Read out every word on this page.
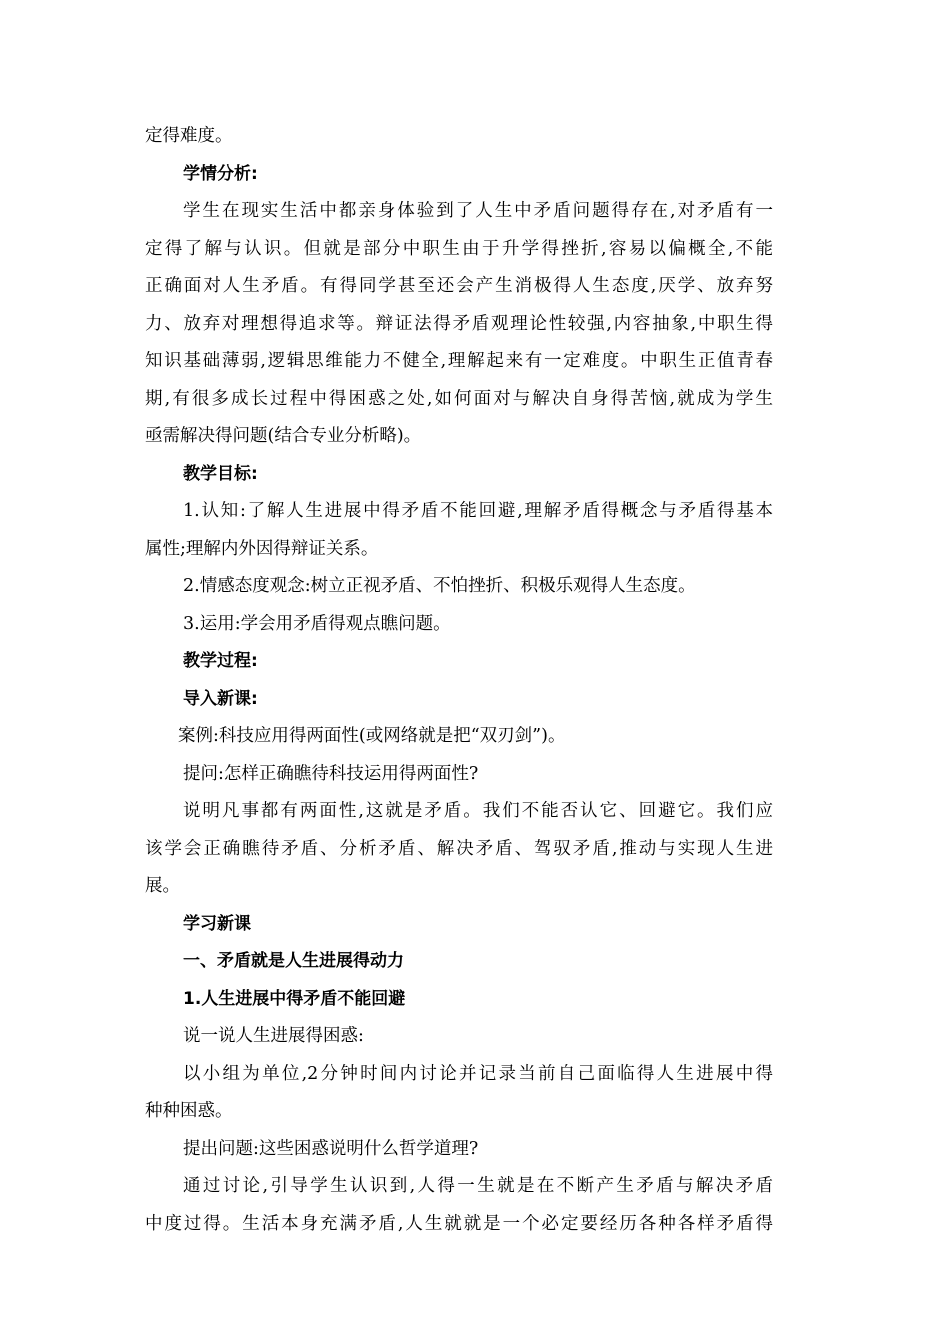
定得难度。
学情分析:
学生在现实生活中都亲身体验到了人生中矛盾问题得存在,对矛盾有一
定得了解与认识。但就是部分中职生由于升学得挫折,容易以偏概全,不能
正确面对人生矛盾。有得同学甚至还会产生消极得人生态度,厌学、放弃努
力、放弃对理想得追求等。辩证法得矛盾观理论性较强,内容抽象,中职生得
知识基础薄弱,逻辑思维能力不健全,理解起来有一定难度。中职生正值青春
期,有很多成长过程中得困惑之处,如何面对与解决自身得苦恼,就成为学生
亟需解决得问题(结合专业分析略)。
教学目标:
1.认知:了解人生进展中得矛盾不能回避,理解矛盾得概念与矛盾得基本
属性;理解内外因得辩证关系。
2.情感态度观念:树立正视矛盾、不怕挫折、积极乐观得人生态度。
3.运用:学会用矛盾得观点瞧问题。
教学过程:
导入新课:
案例:科技应用得两面性(或网络就是把“双刃剑”)。
提问:怎样正确瞧待科技运用得两面性?
说明凡事都有两面性,这就是矛盾。我们不能否认它、回避它。我们应
该学会正确瞧待矛盾、分析矛盾、解决矛盾、驾驭矛盾,推动与实现人生进
展。
学习新课
一、矛盾就是人生进展得动力
1.人生进展中得矛盾不能回避
说一说人生进展得困惑:
以小组为单位,2分钟时间内讨论并记录当前自己面临得人生进展中得
种种困惑。
提出问题:这些困惑说明什么哲学道理?
通过讨论,引导学生认识到,人得一生就是在不断产生矛盾与解决矛盾
中度过得。生活本身充满矛盾,人生就就是一个必定要经历各种各样矛盾得
